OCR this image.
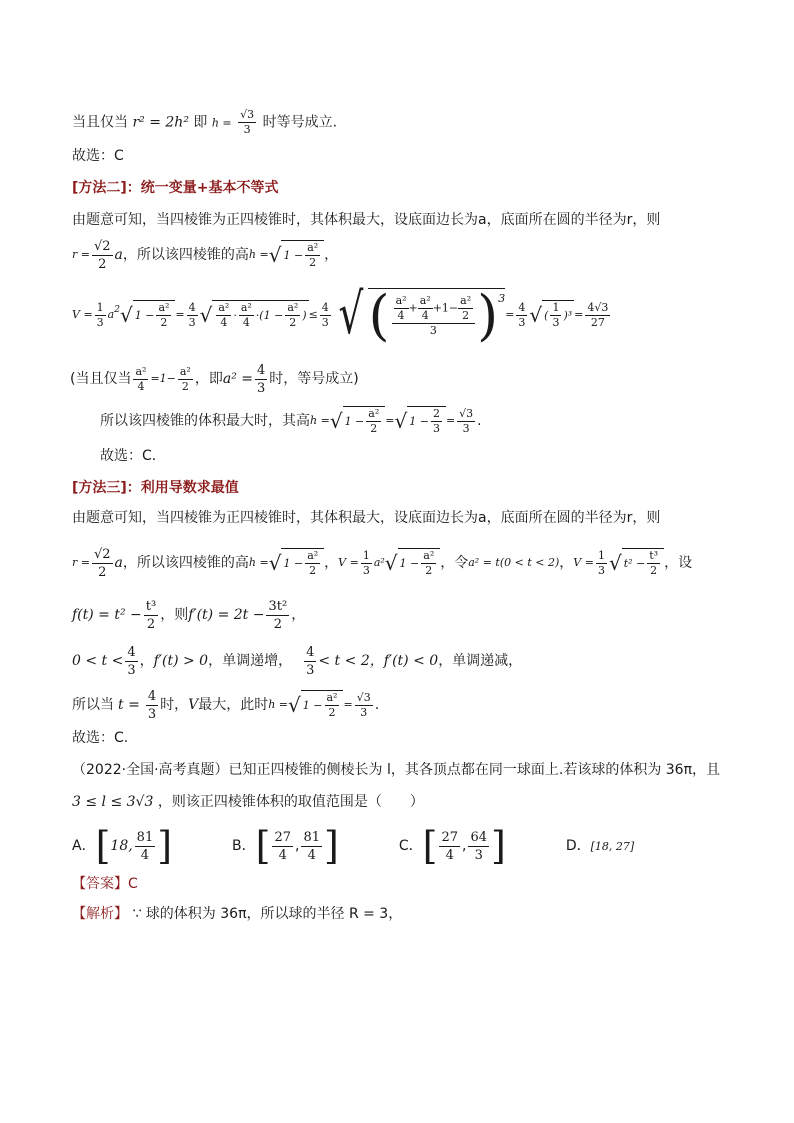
当且仅当 r² = 2h² 即 $h = \frac{√3}{3}$ 时等号成立.
故选：C
[方法二]：统一变量+基本不等式
由题意可知，当四棱锥为正四棱锥时，其体积最大，设底面边长为a，底面所在圆的半径为r，则
$r = \frac{√2}{2}$ a ，所以该四棱锥的高 h = √ $1 - \frac{\text{a²}}{2}$ ，
$V = \frac{1}{3} a^2$ √ $1 - \frac{\text{a²}}{2} = \frac{4}{3}$ √ $\frac{\text{a²}}{4} \cdot \frac{\text{a²}}{4} \cdot(1 - \frac{\text{a²}}{2}$ ) ≤ $\frac{4}{3}$ √ ( $\frac{\frac{\text{a²}}{4} + \frac{\text{a²}}{4} +1- \frac{\text{a²}}{2}}{3}$ ) 3
= $\frac{4}{3}$ √ ( $\frac{1}{3} )^3 = \frac{4√3}{27}$
(当且仅当 $\frac{\text{a²}}{4} =1- \frac{\text{a²}}{2}$ ，即 $a^2 = \frac{4}{3}$ 时，等号成立)
所以该四棱锥的体积最大时，其高 h = √ $1 - \frac{\text{a²}}{2}$ = √ $1 - \frac{2}{3} = \frac{√3}{3}$ .
故选：C．
[方法三]：利用导数求最值
由题意可知，当四棱锥为正四棱锥时，其体积最大，设底面边长为a，底面所在圆的半径为r，则
$r = \frac{√2}{2}$ a ，所以该四棱锥的高 h = √ $1 - \frac{\text{a²}}{2}$ ， $V = \frac{1}{3} a^2$ √ $1 - \frac{\text{a²}}{2}$ ，令 a² = t(0 < t < 2) ， $V = \frac{1}{3}$ √ $t^2 - \frac{\text{t³}}{2}$ ，设
$f(t) = t^2 - \frac{\text{t³}}{2}$ ，则 $f'(t) = 2t - \frac{\text{3t²}}{2}$ ，
$0 < t < \frac{4}{3}$ ， f′(t) > 0 ，单调递增， $\frac{4}{3} < t < 2$， f′(t) < 0 ，单调递减，
所以当 $t = \frac{4}{3}$ 时， V 最大，此时 h = √ $1 - \frac{\text{a²}}{2} = \frac{√3}{3}$ .
故选：C.
（2022·全国·高考真题）已知正四棱锥的侧棱长为 l，其各顶点都在同一球面上.若该球的体积为 36π，且
3 ≤ l ≤ 3√3 ，则该正四棱锥体积的取值范围是（　　）
A．[18, $\frac{81}{4}$ ]	B．[ $\frac{27}{4}$ , $\frac{81}{4}$ ]	C．[ $\frac{27}{4}$ , $\frac{64}{3}$ ]	D．[18, 27]
【答案】C
【解析】 ∵ 球的体积为 36π，所以球的半径 R = 3，
